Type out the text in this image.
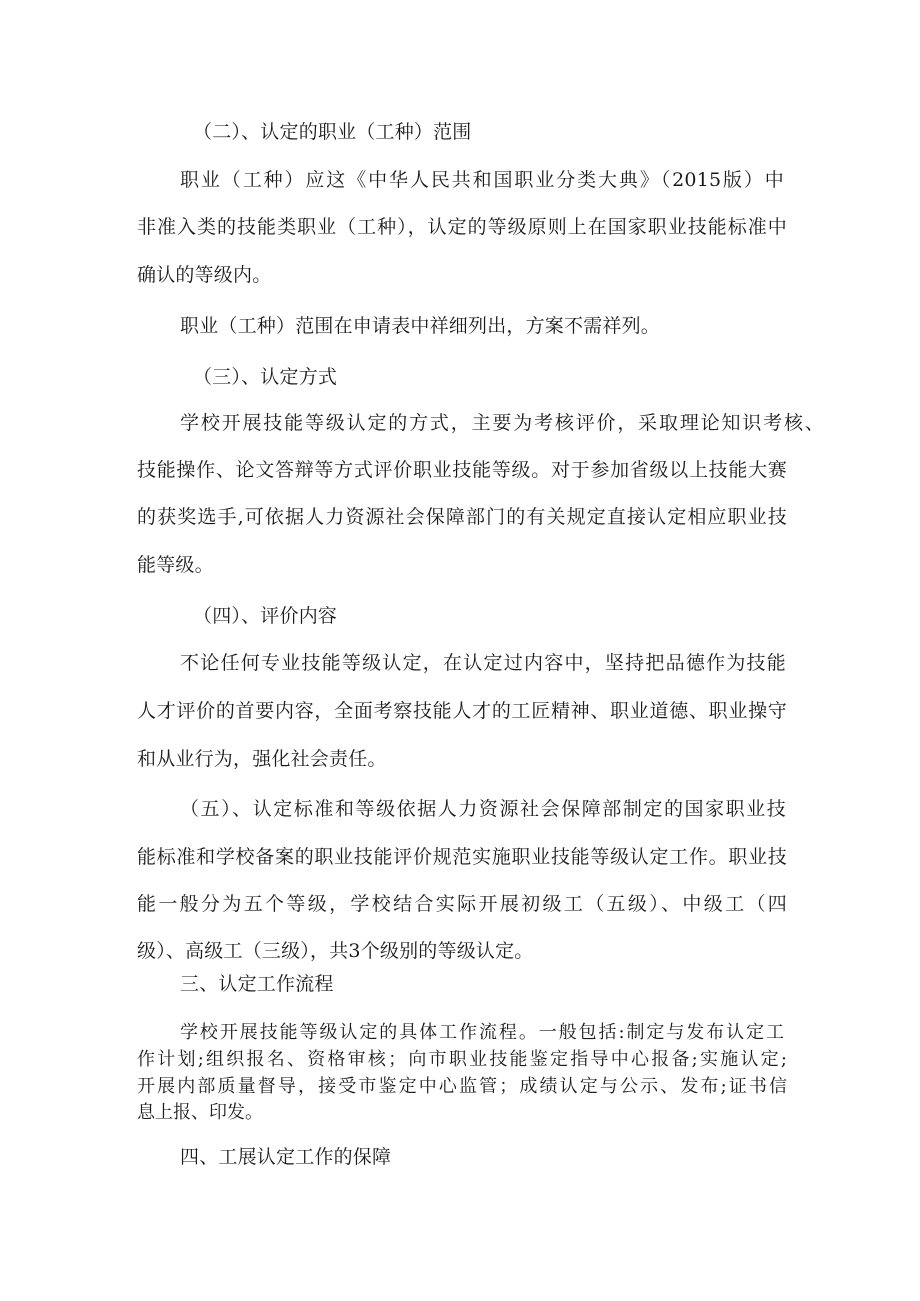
（二）、认定的职业（工种）范围

职业（工种）应这《中华人民共和国职业分类大典》（2015版）中

非准入类的技能类职业（工种），认定的等级原则上在国家职业技能标准中

确认的等级内。

职业（工种）范围在申请表中祥细列出，方案不需祥列。

（三）、认定方式

学校开展技能等级认定的方式，主要为考核评价，采取理论知识考核、

技能操作、论文答辩等方式评价职业技能等级。对于参加省级以上技能大赛

的获奖选手,可依据人力资源社会保障部门的有关规定直接认定相应职业技

能等级。

（四）、评价内容

不论任何专业技能等级认定，在认定过内容中，坚持把品德作为技能

人才评价的首要内容，全面考察技能人才的工匠精神、职业道德、职业操守

和从业行为，强化社会责任。

（五）、认定标准和等级依据人力资源社会保障部制定的国家职业技

能标准和学校备案的职业技能评价规范实施职业技能等级认定工作。职业技

能一般分为五个等级，学校结合实际开展初级工（五级）、中级工（四

级）、高级工（三级），共3个级别的等级认定。

三、认定工作流程

学校开展技能等级认定的具体工作流程。一般包括:制定与发布认定工

作计划;组织报名、资格审核；向市职业技能鉴定指导中心报备;实施认定;

开展内部质量督导，接受市鉴定中心监管；成绩认定与公示、发布;证书信

息上报、印发。

四、工展认定工作的保障
